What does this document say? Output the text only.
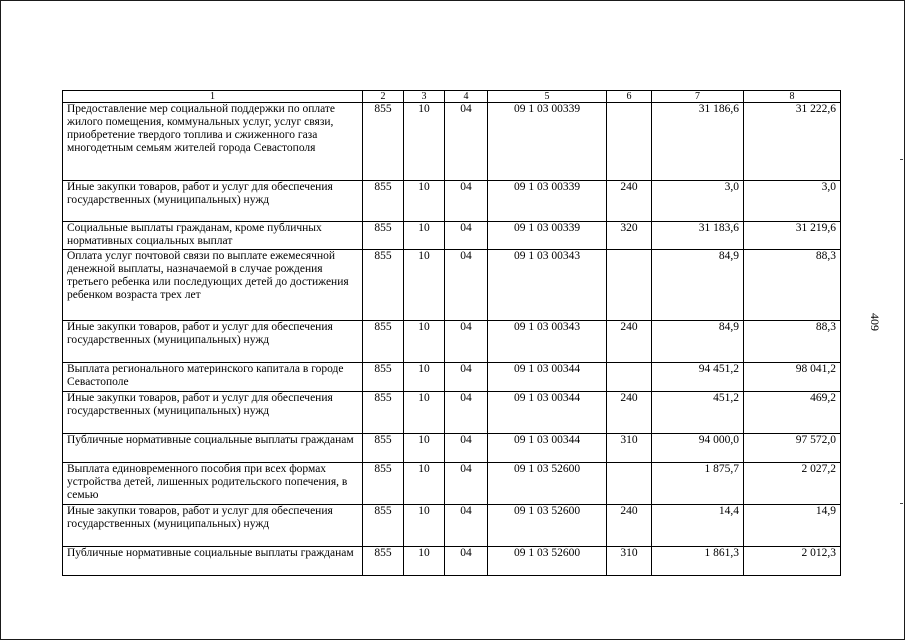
1	2	3	4	5	6	7	8
Предоставление мер социальной поддержки по оплате жилого помещения, коммунальных услуг, услуг связи, приобретение твердого топлива и сжиженного газа многодетным семьям жителей города Севастополя	855	10	04	09 1 03 00339		31 186,6	31 222,6
Иные закупки товаров, работ и услуг для обеспечения государственных (муниципальных) нужд	855	10	04	09 1 03 00339	240	3,0	3,0
Социальные выплаты гражданам, кроме публичных нормативных социальных выплат	855	10	04	09 1 03 00339	320	31 183,6	31 219,6
Оплата услуг почтовой связи по выплате ежемесячной денежной выплаты, назначаемой в случае рождения третьего ребенка или последующих детей до достижения ребенком возраста трех лет	855	10	04	09 1 03 00343		84,9	88,3
Иные закупки товаров, работ и услуг для обеспечения государственных (муниципальных) нужд	855	10	04	09 1 03 00343	240	84,9	88,3
Выплата регионального материнского капитала в городе Севастополе	855	10	04	09 1 03 00344		94 451,2	98 041,2
Иные закупки товаров, работ и услуг для обеспечения государственных (муниципальных) нужд	855	10	04	09 1 03 00344	240	451,2	469,2
Публичные нормативные социальные выплаты гражданам	855	10	04	09 1 03 00344	310	94 000,0	97 572,0
Выплата единовременного пособия при всех формах устройства детей, лишенных родительского попечения, в семью	855	10	04	09 1 03 52600		1 875,7	2 027,2
Иные закупки товаров, работ и услуг для обеспечения государственных (муниципальных) нужд	855	10	04	09 1 03 52600	240	14,4	14,9
Публичные нормативные социальные выплаты гражданам	855	10	04	09 1 03 52600	310	1 861,3	2 012,3
409
